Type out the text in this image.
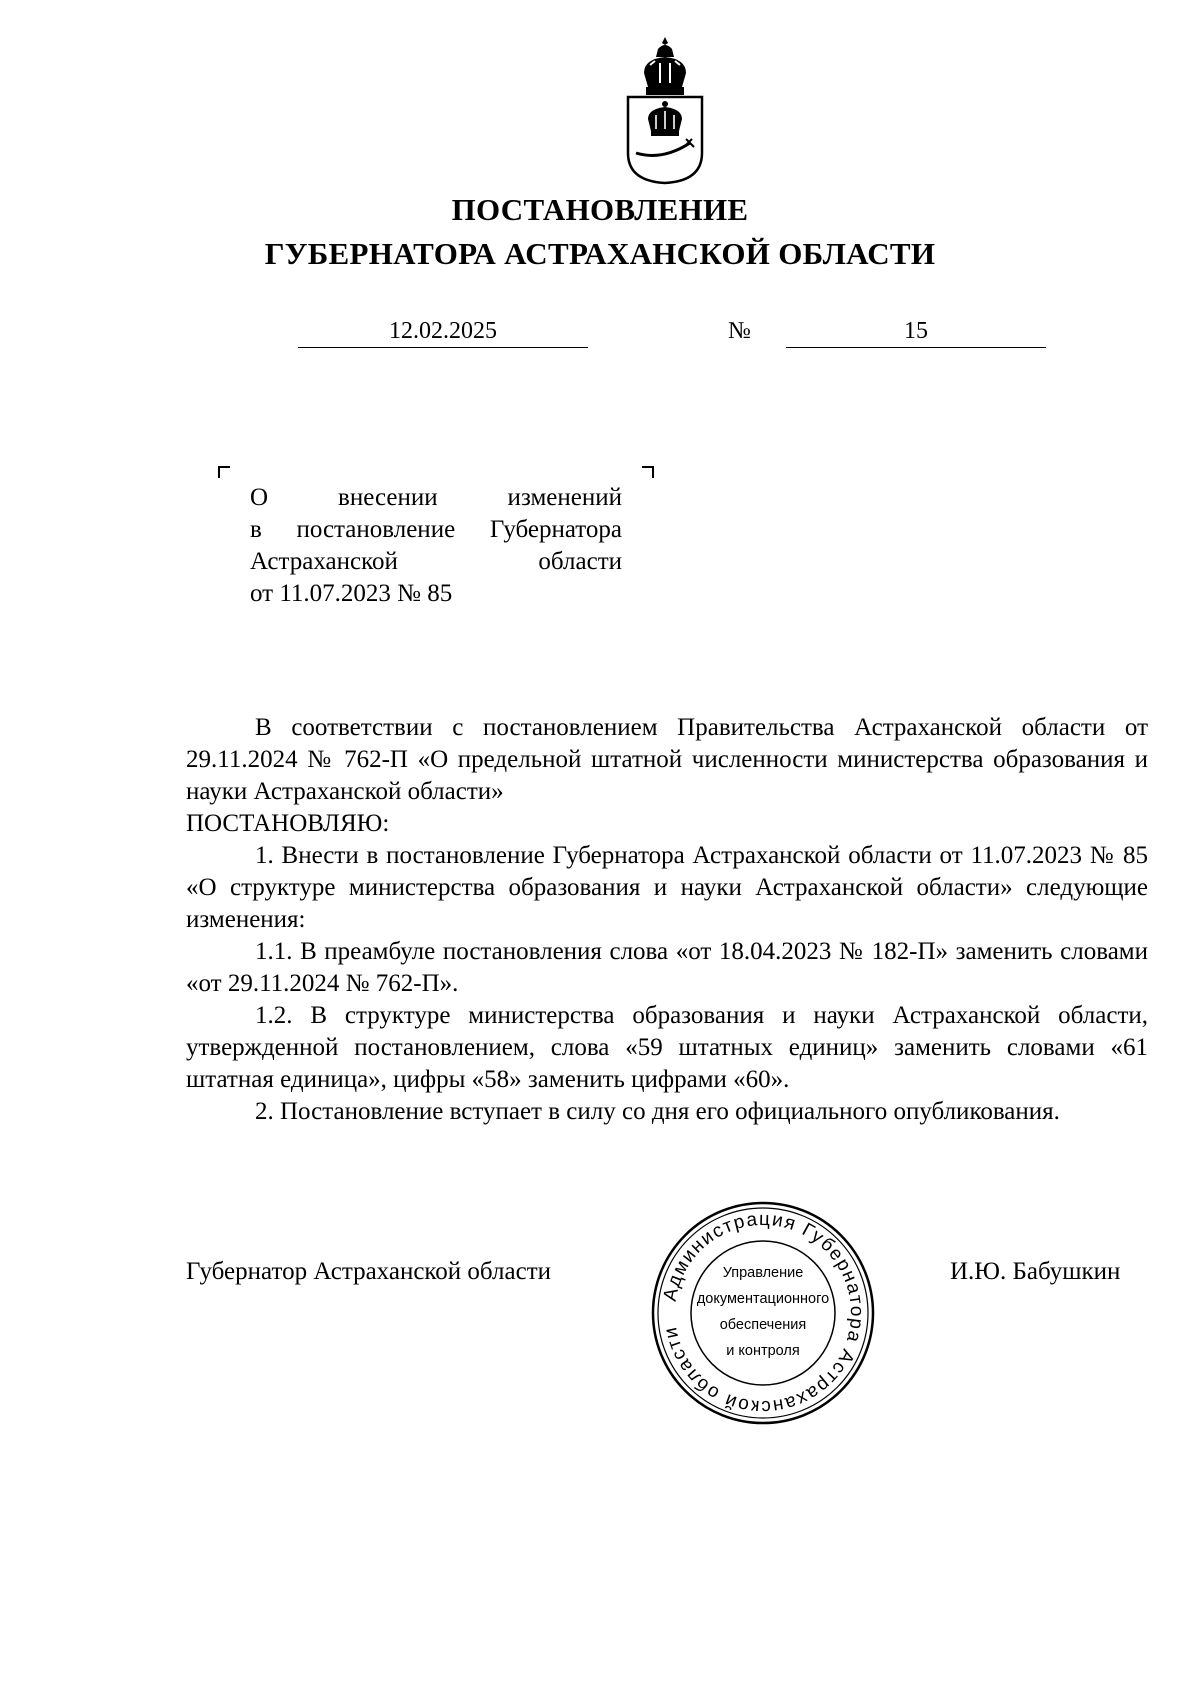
ПОСТАНОВЛЕНИЕ
ГУБЕРНАТОРА АСТРАХАНСКОЙ ОБЛАСТИ
12.02.2025	№	15
О внесении изменений
в постановление Губернатора
Астраханской области
от 11.07.2023 № 85

В соответствии с постановлением Правительства Астраханской области от 29.11.2024 № 762-П «О предельной штатной численности министерства образования и науки Астраханской области»

ПОСТАНОВЛЯЮ:

1. Внести в постановление Губернатора Астраханской области от 11.07.2023 № 85 «О структуре министерства образования и науки Астраханской области» следующие изменения:

1.1. В преамбуле постановления слова «от 18.04.2023 № 182-П» заменить словами «от 29.11.2024 № 762-П».

1.2. В структуре министерства образования и науки Астраханской области, утвержденной постановлением, слова «59 штатных единиц» заменить словами «61 штатная единица», цифры «58» заменить цифрами «60».

2. Постановление вступает в силу со дня его официального опубликования.

Губернатор Астраханской области	И.Ю. Бабушкин
Администрация Губернатора Астраханской области
Управление
документационного
обеспечения
и контроля
